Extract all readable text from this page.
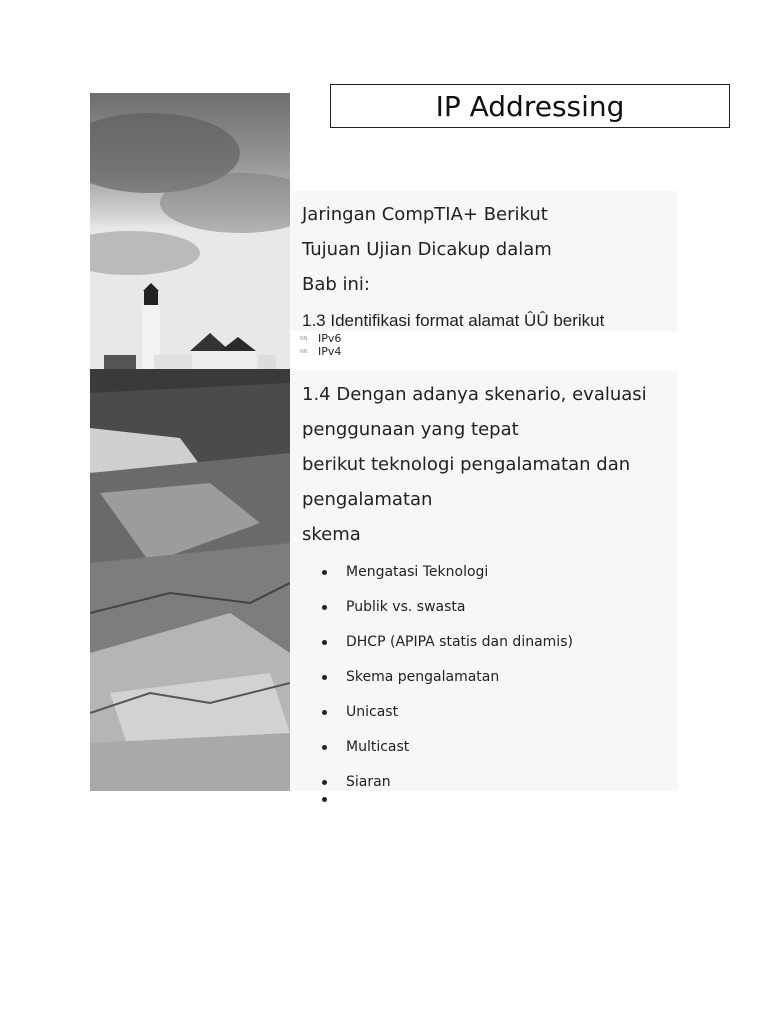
IP Addressing
Jaringan CompTIA+ Berikut
Tujuan Ujian Dicakup dalam
Bab ini:
1.3 Identifikasi format alamat ÛÛ berikut
NN IPv6
NN IPv4
1.4 Dengan adanya skenario, evaluasi
penggunaan yang tepat
berikut teknologi pengalamatan dan
pengalamatan
skema
Mengatasi Teknologi
Publik vs. swasta
DHCP (APIPA statis dan dinamis)
Skema pengalamatan
Unicast
Multicast
Siaran
